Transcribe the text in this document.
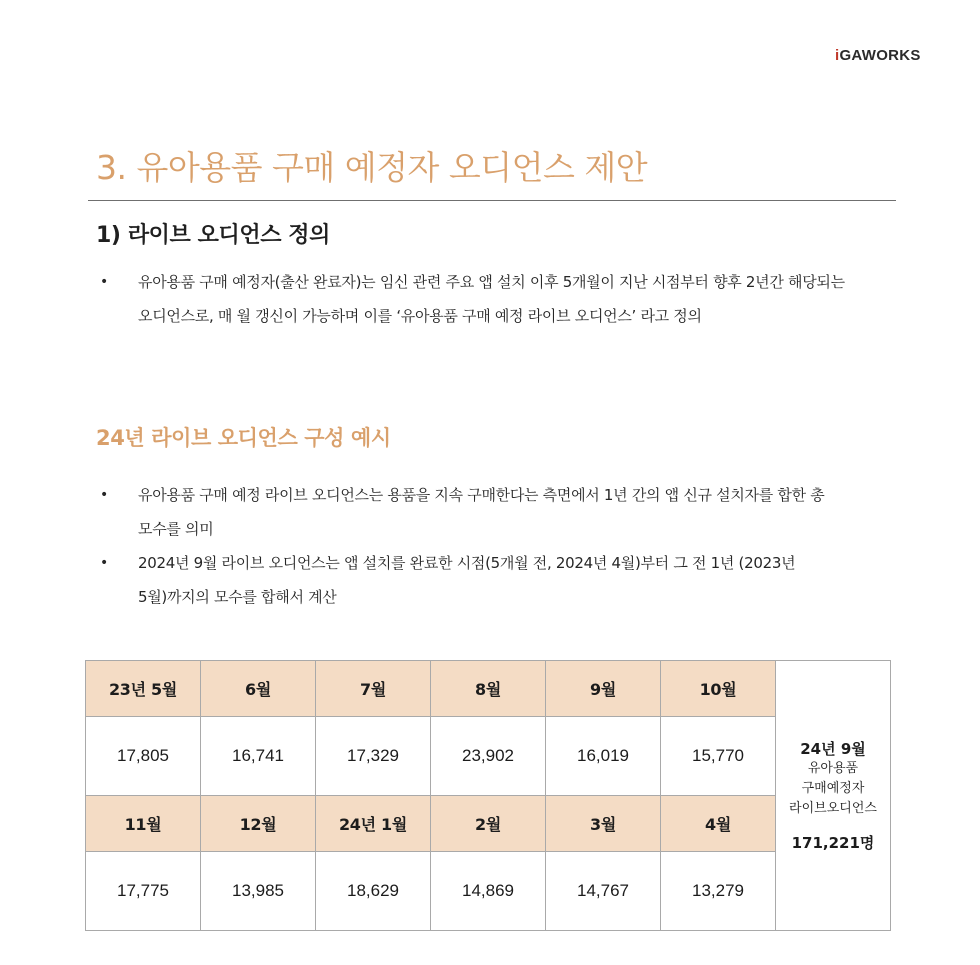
iGAWORKS
3. 유아용품 구매 예정자 오디언스 제안
1) 라이브 오디언스 정의
• 유아용품 구매 예정자(출산 완료자)는 임신 관련 주요 앱 설치 이후 5개월이 지난 시점부터 향후 2년간 해당되는
오디언스로, 매 월 갱신이 가능하며 이를 ‘유아용품 구매 예정 라이브 오디언스’ 라고 정의
24년 라이브 오디언스 구성 예시
• 유아용품 구매 예정 라이브 오디언스는 용품을 지속 구매한다는 측면에서 1년 간의 앱 신규 설치자를 합한 총
모수를 의미
• 2024년 9월 라이브 오디언스는 앱 설치를 완료한 시점(5개월 전, 2024년 4월)부터 그 전 1년 (2023년
5월)까지의 모수를 합해서 계산
23년 5월	6월	7월	8월	9월	10월	24년 9월
유아용품
구매예정자
라이브오디언스
171,221명

17,805	16,741	17,329	23,902	16,019	15,770	
11월	12월	24년 1월	2월	3월	4월	
17,775	13,985	18,629	14,869	14,767	13,279	
